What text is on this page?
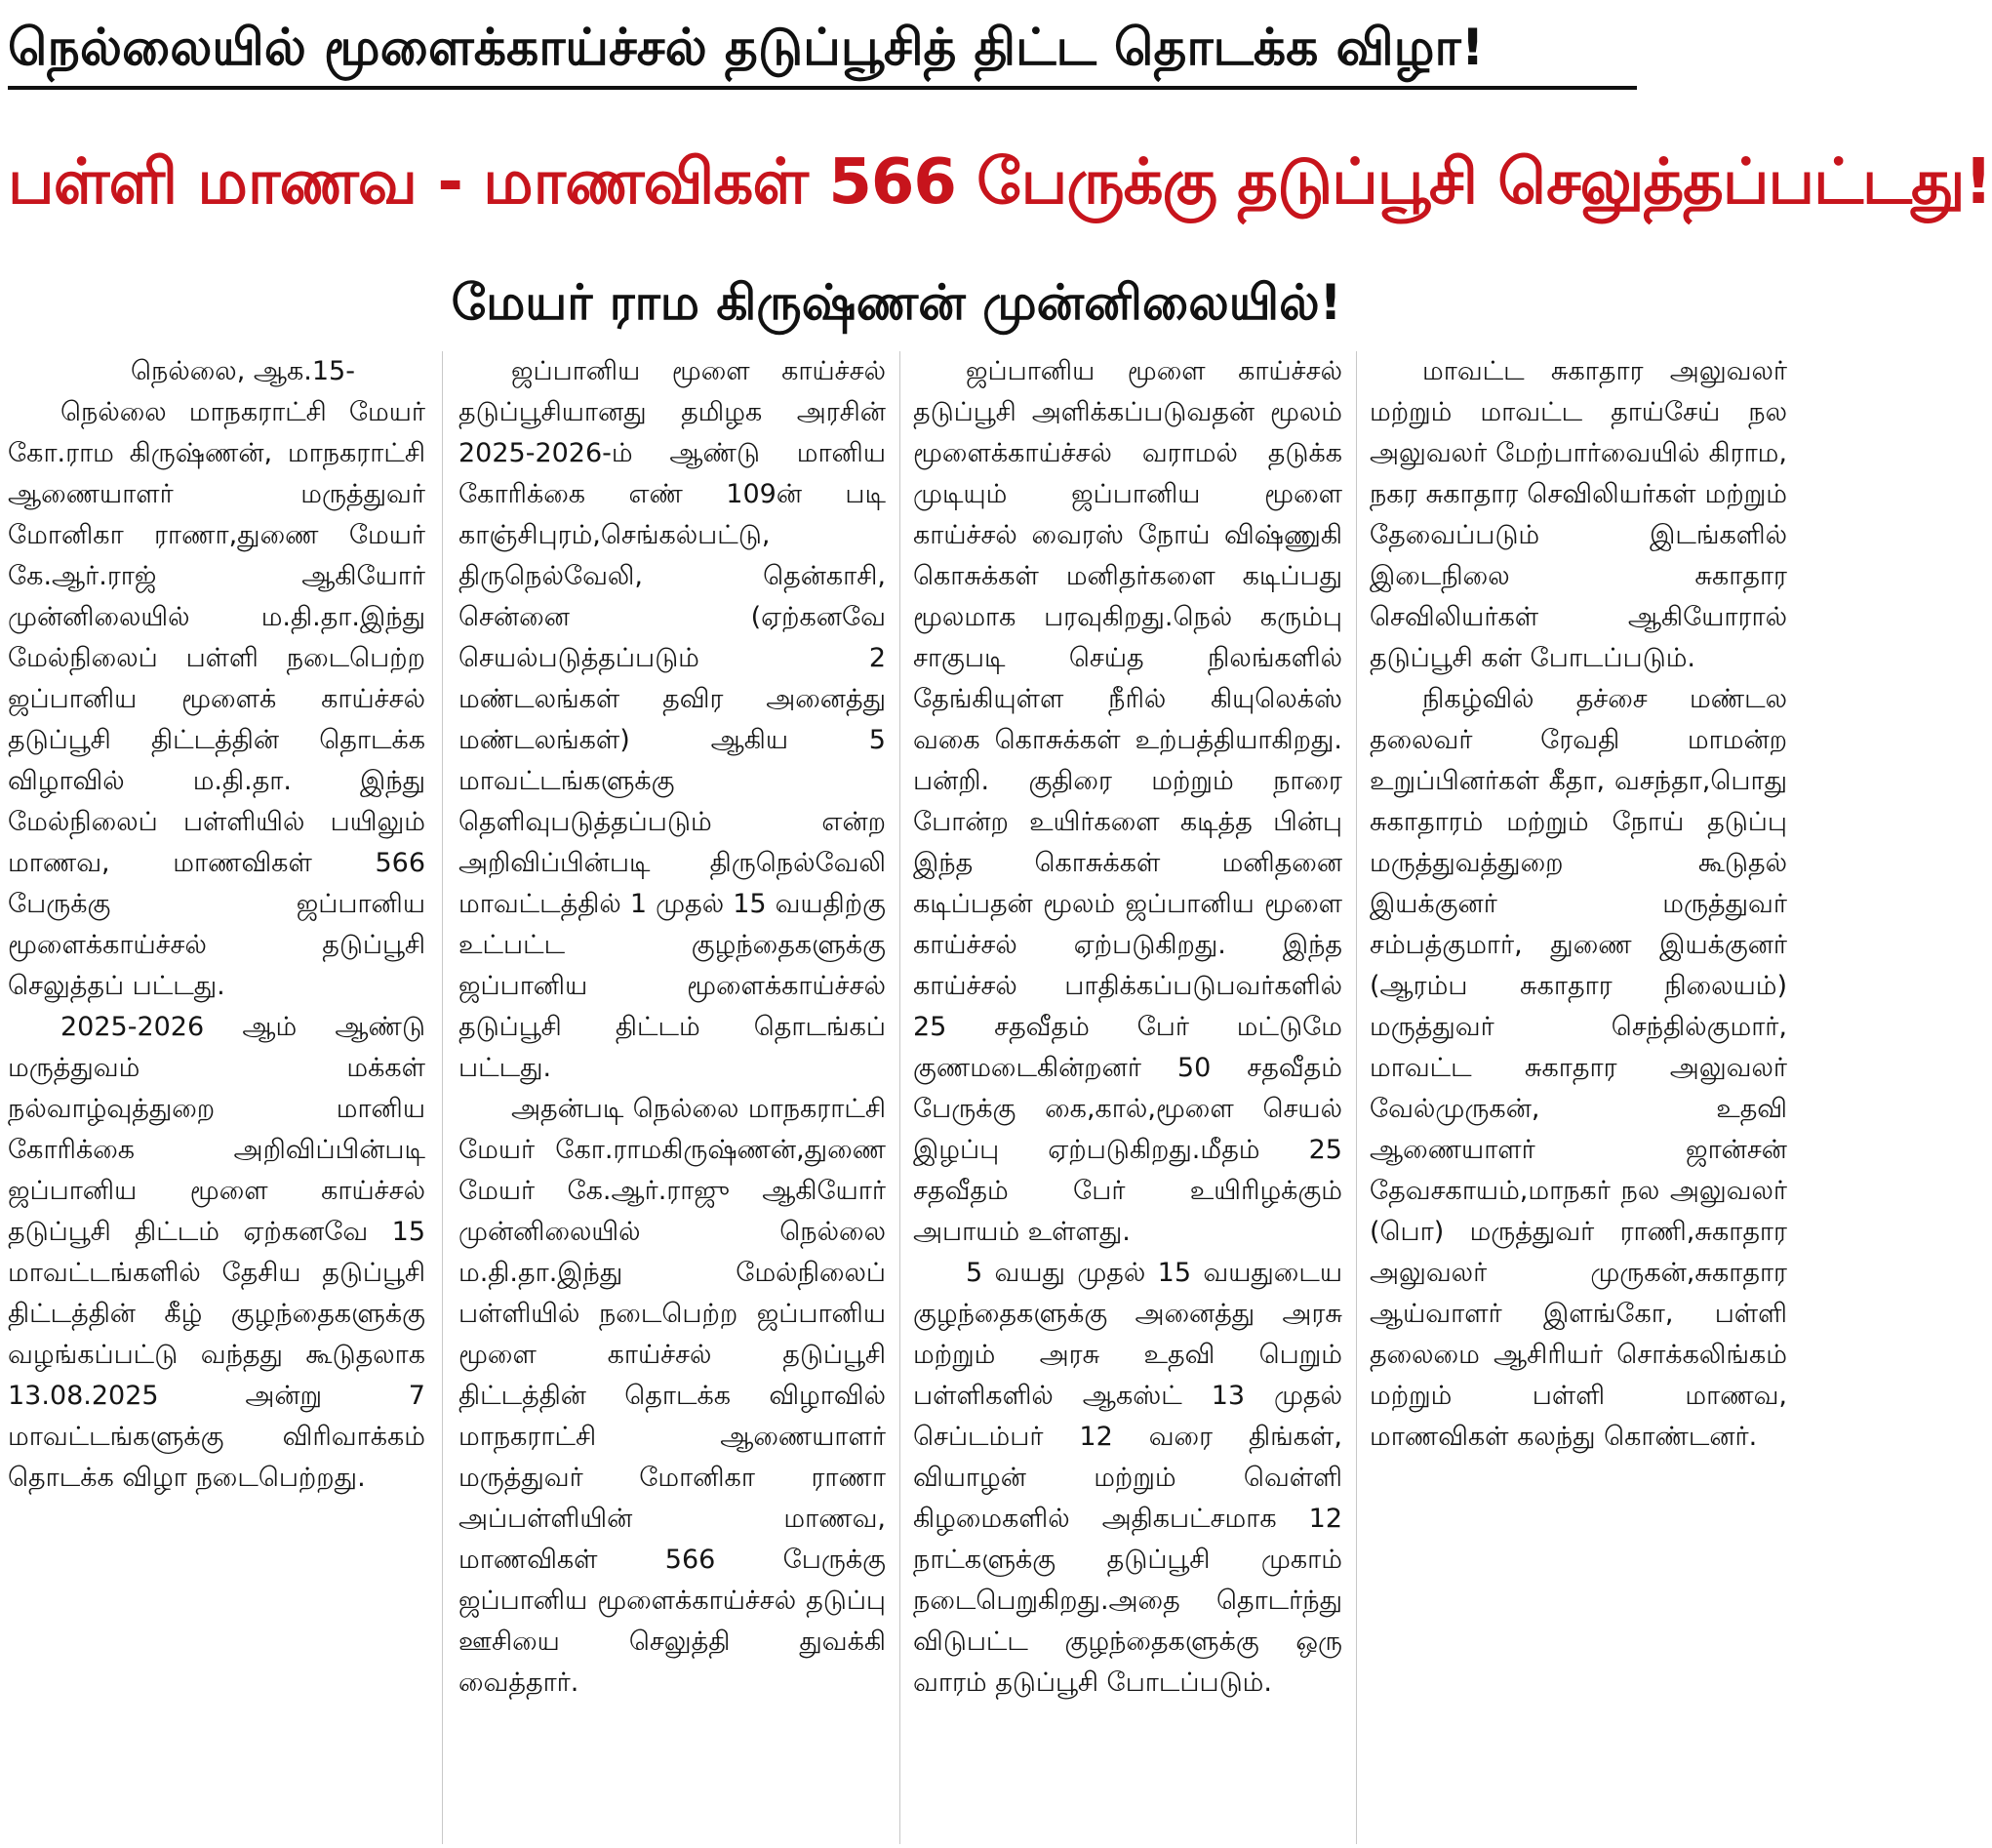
நெல்லையில் மூளைக்காய்ச்சல் தடுப்பூசித் திட்ட தொடக்க விழா!
பள்ளி மாணவ - மாணவிகள் 566 பேருக்கு தடுப்பூசி செலுத்தப்பட்டது!
மேயர் ராம கிருஷ்ணன் முன்னிலையில்!

நெல்லை, ஆக.15-

நெல்லை மாநகராட்சி மேயர் கோ.ராம கிருஷ்ணன், மாநகராட்சி ஆணையாளர் மருத்துவர் மோனிகா ராணா,துணை மேயர் கே.ஆர்.ராஜ் ஆகியோர் முன்னிலையில் ம.தி.தா.இந்து மேல்நிலைப் பள்ளி நடைபெற்ற ஜப்பானிய மூளைக் காய்ச்சல் தடுப்பூசி திட்டத்தின் தொடக்க விழாவில் ம.தி.தா. இந்து மேல்நிலைப் பள்ளியில் பயிலும் மாணவ, மாணவிகள் 566 பேருக்கு ஜப்பானிய மூளைக்காய்ச்சல் தடுப்பூசி செலுத்தப் பட்டது.

2025-2026 ஆம் ஆண்டு மருத்துவம் மக்கள் நல்வாழ்வுத்துறை மானிய கோரிக்கை அறிவிப்பின்படி ஜப்பானிய மூளை காய்ச்சல் தடுப்பூசி திட்டம் ஏற்கனவே 15 மாவட்டங்களில் தேசிய தடுப்பூசி திட்டத்தின் கீழ் குழந்தைகளுக்கு வழங்கப்பட்டு வந்தது கூடுதலாக 13.08.2025 அன்று 7 மாவட்டங்களுக்கு விரிவாக்கம் தொடக்க விழா நடைபெற்றது.

ஜப்பானிய மூளை காய்ச்சல் தடுப்பூசியானது தமிழக அரசின் 2025-2026-ம் ஆண்டு மானிய கோரிக்கை எண் 109ன் படி காஞ்சிபுரம்,செங்கல்பட்டு, திருநெல்வேலி, தென்காசி, சென்னை (ஏற்கனவே செயல்படுத்தப்படும் 2 மண்டலங்கள் தவிர அனைத்து மண்டலங்கள்) ஆகிய 5 மாவட்டங்களுக்கு தெளிவுபடுத்தப்படும் என்ற அறிவிப்பின்படி திருநெல்வேலி மாவட்டத்தில் 1 முதல் 15 வயதிற்கு உட்பட்ட குழந்தைகளுக்கு ஜப்பானிய மூளைக்காய்ச்சல் தடுப்பூசி திட்டம் தொடங்கப் பட்டது.

அதன்படி நெல்லை மாநகராட்சி மேயர் கோ.ராமகிருஷ்ணன்,துணை மேயர் கே.ஆர்.ராஜு ஆகியோர் முன்னிலையில் நெல்லை ம.தி.தா.இந்து மேல்நிலைப் பள்ளியில் நடைபெற்ற ஜப்பானிய மூளை காய்ச்சல் தடுப்பூசி திட்டத்தின் தொடக்க விழாவில் மாநகராட்சி ஆணையாளர் மருத்துவர் மோனிகா ராணா அப்பள்ளியின் மாணவ, மாணவிகள் 566 பேருக்கு ஜப்பானிய மூளைக்காய்ச்சல் தடுப்பு ஊசியை செலுத்தி துவக்கி வைத்தார்.

ஜப்பானிய மூளை காய்ச்சல் தடுப்பூசி அளிக்கப்படுவதன் மூலம் மூளைக்காய்ச்சல் வராமல் தடுக்க முடியும் ஜப்பானிய மூளை காய்ச்சல் வைரஸ் நோய் விஷ்ணுகி கொசுக்கள் மனிதர்களை கடிப்பது மூலமாக பரவுகிறது.நெல் கரும்பு சாகுபடி செய்த நிலங்களில் தேங்கியுள்ள நீரில் கியுலெக்ஸ் வகை கொசுக்கள் உற்பத்தியாகிறது. பன்றி. குதிரை மற்றும் நாரை போன்ற உயிர்களை கடித்த பின்பு இந்த கொசுக்கள் மனிதனை கடிப்பதன் மூலம் ஜப்பானிய மூளை காய்ச்சல் ஏற்படுகிறது. இந்த காய்ச்சல் பாதிக்கப்படுபவர்களில் 25 சதவீதம் பேர் மட்டுமே குணமடைகின்றனர் 50 சதவீதம் பேருக்கு கை,கால்,மூளை செயல் இழப்பு ஏற்படுகிறது.மீதம் 25 சதவீதம் பேர் உயிரிழக்கும் அபாயம் உள்ளது.

5 வயது முதல் 15 வயதுடைய குழந்தைகளுக்கு அனைத்து அரசு மற்றும் அரசு உதவி பெறும் பள்ளிகளில் ஆகஸ்ட் 13 முதல் செப்டம்பர் 12 வரை திங்கள், வியாழன் மற்றும் வெள்ளி கிழமைகளில் அதிகபட்சமாக 12 நாட்களுக்கு தடுப்பூசி முகாம் நடைபெறுகிறது.அதை தொடர்ந்து விடுபட்ட குழந்தைகளுக்கு ஒரு வாரம் தடுப்பூசி போடப்படும்.

மாவட்ட சுகாதார அலுவலர் மற்றும் மாவட்ட தாய்சேய் நல அலுவலர் மேற்பார்வையில் கிராம, நகர சுகாதார செவிலியர்கள் மற்றும் தேவைப்படும் இடங்களில் இடைநிலை சுகாதார செவிலியர்கள் ஆகியோரால் தடுப்பூசி கள் போடப்படும்.

நிகழ்வில் தச்சை மண்டல தலைவர் ரேவதி மாமன்ற உறுப்பினர்கள் கீதா, வசந்தா,பொது சுகாதாரம் மற்றும் நோய் தடுப்பு மருத்துவத்துறை கூடுதல் இயக்குனர் மருத்துவர் சம்பத்குமார், துணை இயக்குனர் (ஆரம்ப சுகாதார நிலையம்) மருத்துவர் செந்தில்குமார், மாவட்ட சுகாதார அலுவலர் வேல்முருகன், உதவி ஆணையாளர் ஜான்சன் தேவசகாயம்,மாநகர் நல அலுவலர் (பொ) மருத்துவர் ராணி,சுகாதார அலுவலர் முருகன்,சுகாதார ஆய்வாளர் இளங்கோ, பள்ளி தலைமை ஆசிரியர் சொக்கலிங்கம் மற்றும் பள்ளி மாணவ, மாணவிகள் கலந்து கொண்டனர்.
